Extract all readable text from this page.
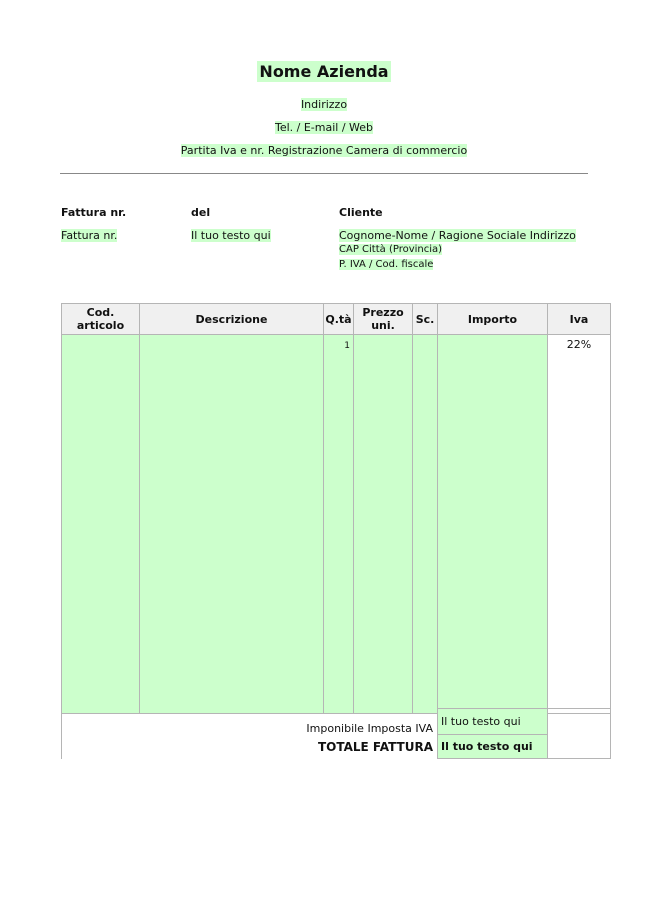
Nome Azienda
Indirizzo
Tel. / E-mail / Web
Partita Iva e nr. Registrazione Camera di commercio
Fattura nr.	del	Cliente
Fattura nr.	Il tuo testo qui	Cognome-Nome / Ragione Sociale Indirizzo
CAP Città (Provincia)
P. IVA / Cod. fiscale
Cod. articolo	Descrizione	Q.tà	Prezzo uni.	Sc.	Importo	Iva
		1				22%
Imponibile Imposta IVA	Il tuo testo qui	
TOTALE FATTURA	Il tuo testo qui	
